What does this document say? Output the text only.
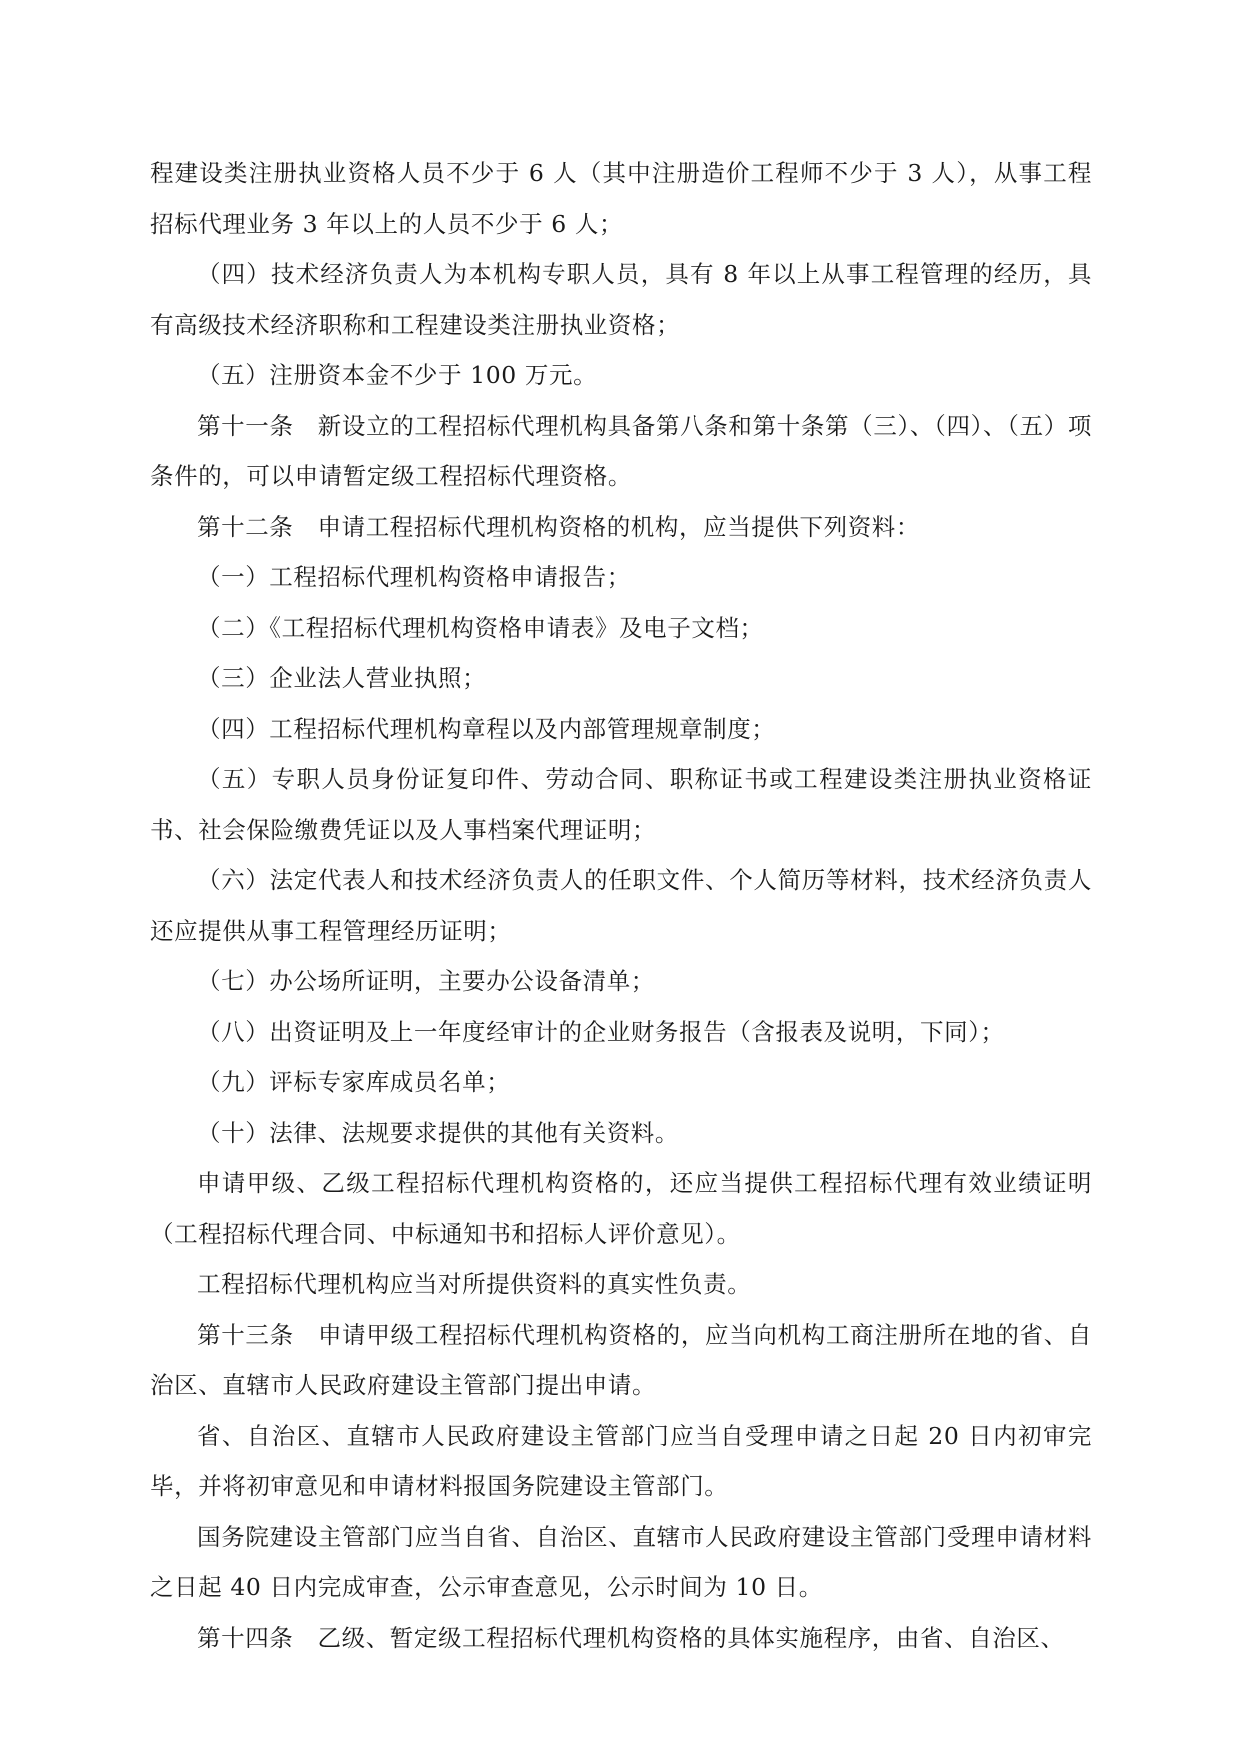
程建设类注册执业资格人员不少于 6 人（其中注册造价工程师不少于 3 人），从事工程招标代理业务 3 年以上的人员不少于 6 人；

（四）技术经济负责人为本机构专职人员，具有 8 年以上从事工程管理的经历，具有高级技术经济职称和工程建设类注册执业资格；

（五）注册资本金不少于 100 万元。

第十一条　新设立的工程招标代理机构具备第八条和第十条第（三）、（四）、（五）项条件的，可以申请暂定级工程招标代理资格。

第十二条　申请工程招标代理机构资格的机构，应当提供下列资料：

（一）工程招标代理机构资格申请报告；

（二）《工程招标代理机构资格申请表》及电子文档；

（三）企业法人营业执照；

（四）工程招标代理机构章程以及内部管理规章制度；

（五）专职人员身份证复印件、劳动合同、职称证书或工程建设类注册执业资格证书、社会保险缴费凭证以及人事档案代理证明；

（六）法定代表人和技术经济负责人的任职文件、个人简历等材料，技术经济负责人还应提供从事工程管理经历证明；

（七）办公场所证明，主要办公设备清单；

（八）出资证明及上一年度经审计的企业财务报告（含报表及说明，下同）；

（九）评标专家库成员名单；

（十）法律、法规要求提供的其他有关资料。

申请甲级、乙级工程招标代理机构资格的，还应当提供工程招标代理有效业绩证明（工程招标代理合同、中标通知书和招标人评价意见）。

工程招标代理机构应当对所提供资料的真实性负责。

第十三条　申请甲级工程招标代理机构资格的，应当向机构工商注册所在地的省、自治区、直辖市人民政府建设主管部门提出申请。

省、自治区、直辖市人民政府建设主管部门应当自受理申请之日起 20 日内初审完毕，并将初审意见和申请材料报国务院建设主管部门。

国务院建设主管部门应当自省、自治区、直辖市人民政府建设主管部门受理申请材料之日起 40 日内完成审查，公示审查意见，公示时间为 10 日。

第十四条　乙级、暂定级工程招标代理机构资格的具体实施程序，由省、自治区、
